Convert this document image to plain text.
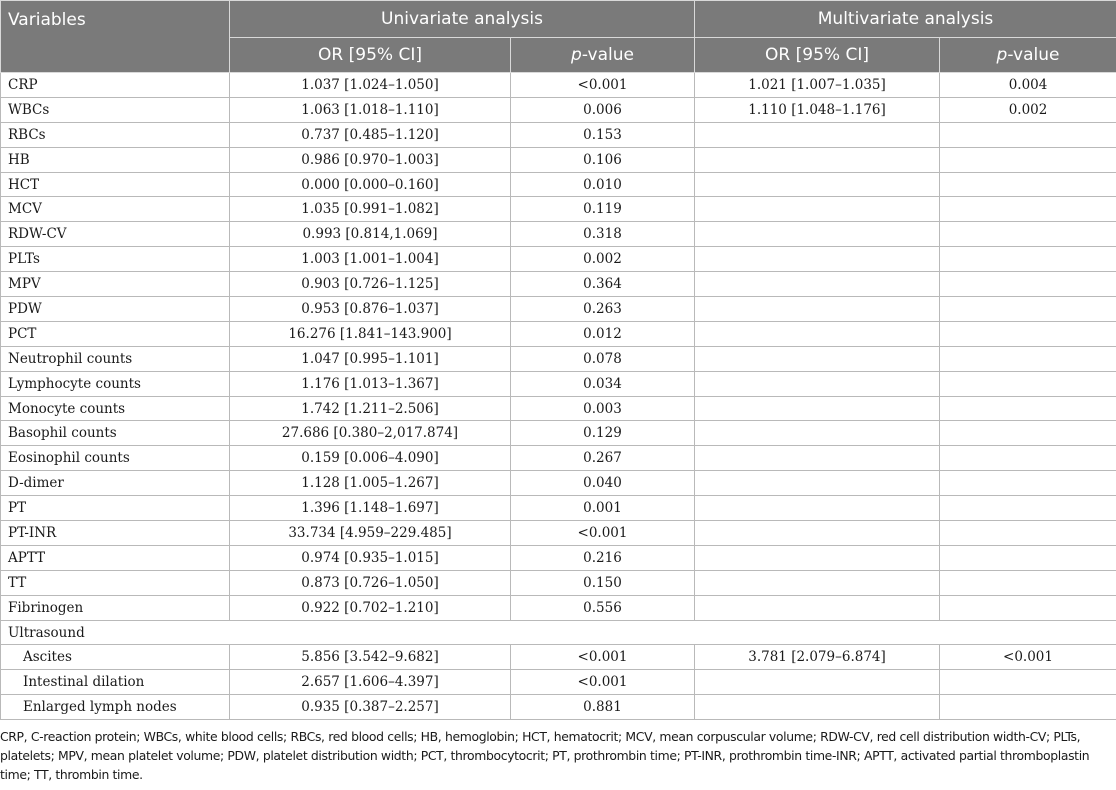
Variables	Univariate analysis		Multivariate analysis	
	OR [95% CI]	p-value	OR [95% CI]	p-value
CRP	1.037 [1.024–1.050]	<0.001	1.021 [1.007–1.035]	0.004
WBCs	1.063 [1.018–1.110]	0.006	1.110 [1.048–1.176]	0.002
RBCs	0.737 [0.485–1.120]	0.153		
HB	0.986 [0.970–1.003]	0.106		
HCT	0.000 [0.000–0.160]	0.010		
MCV	1.035 [0.991–1.082]	0.119		
RDW-CV	0.993 [0.814,1.069]	0.318		
PLTs	1.003 [1.001–1.004]	0.002		
MPV	0.903 [0.726–1.125]	0.364		
PDW	0.953 [0.876–1.037]	0.263		
PCT	16.276 [1.841–143.900]	0.012		
Neutrophil counts	1.047 [0.995–1.101]	0.078		
Lymphocyte counts	1.176 [1.013–1.367]	0.034		
Monocyte counts	1.742 [1.211–2.506]	0.003		
Basophil counts	27.686 [0.380–2,017.874]	0.129		
Eosinophil counts	0.159 [0.006–4.090]	0.267		
D-dimer	1.128 [1.005–1.267]	0.040		
PT	1.396 [1.148–1.697]	0.001		
PT-INR	33.734 [4.959–229.485]	<0.001		
APTT	0.974 [0.935–1.015]	0.216		
TT	0.873 [0.726–1.050]	0.150		
Fibrinogen	0.922 [0.702–1.210]	0.556		
Ultrasound				
Ascites	5.856 [3.542–9.682]	<0.001	3.781 [2.079–6.874]	<0.001
Intestinal dilation	2.657 [1.606–4.397]	<0.001		
Enlarged lymph nodes	0.935 [0.387–2.257]	0.881		
CRP, C-reaction protein; WBCs, white blood cells; RBCs, red blood cells; HB, hemoglobin; HCT, hematocrit; MCV, mean corpuscular volume; RDW-CV, red cell distribution width-CV; PLTs, platelets; MPV, mean platelet volume; PDW, platelet distribution width; PCT, thrombocytocrit; PT, prothrombin time; PT-INR, prothrombin time-INR; APTT, activated partial thromboplastin time; TT, thrombin time.
